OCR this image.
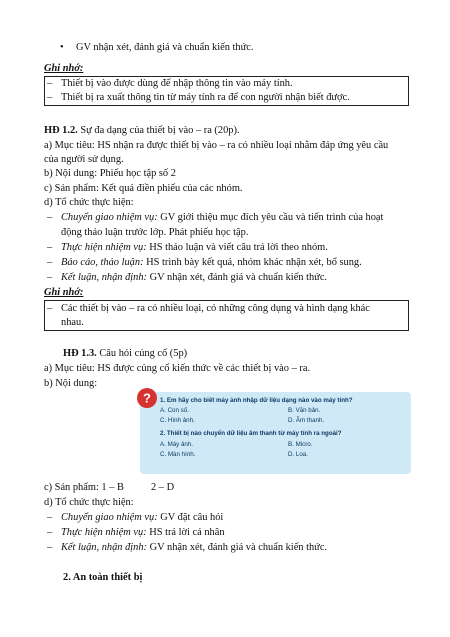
• GV nhận xét, đánh giá và chuẩn kiến thức.
Ghi nhớ:
– Thiết bị vào được dùng để nhập thông tin vào máy tính.
– Thiết bị ra xuất thông tin từ máy tính ra để con người nhận biết được.
HĐ 1.2. Sự đa dạng của thiết bị vào – ra (20p).
a) Mục tiêu: HS nhận ra được thiết bị vào – ra có nhiều loại nhằm đáp ứng yêu cầu
của người sử dụng.
b) Nội dung: Phiếu học tập số 2
c) Sản phẩm: Kết quả điền phiếu của các nhóm.
d) Tổ chức thực hiện:
– Chuyển giao nhiệm vụ: GV giới thiệu mục đích yêu cầu và tiến trình của hoạt
động thảo luận trước lớp. Phát phiếu học tập.
– Thực hiện nhiệm vụ: HS thảo luận và viết câu trả lời theo nhóm.
– Báo cáo, thảo luận: HS trình bày kết quả, nhóm khác nhận xét, bổ sung.
– Kết luận, nhận định: GV nhận xét, đánh giá và chuẩn kiến thức.
Ghi nhớ:
– Các thiết bị vào – ra có nhiều loại, có những công dụng và hình dạng khác
nhau.
HĐ 1.3. Câu hỏi củng cố (5p)
a) Mục tiêu: HS được củng cố kiến thức về các thiết bị vào – ra.
b) Nội dung:
? 1. Em hãy cho biết máy ảnh nhập dữ liệu dạng nào vào máy tính?
A. Con số.	B. Văn bản.
C. Hình ảnh.	D. Âm thanh.
2. Thiết bị nào chuyển dữ liệu âm thanh từ máy tính ra ngoài?
A. Máy ảnh.	B. Micro.
C. Màn hình.	D. Loa.
c) Sản phẩm: 1 – B	2 – D
d) Tổ chức thực hiện:
– Chuyển giao nhiệm vụ: GV đặt câu hỏi
– Thực hiện nhiệm vụ: HS trả lời cá nhân
– Kết luận, nhận định: GV nhận xét, đánh giá và chuẩn kiến thức.
2. An toàn thiết bị
